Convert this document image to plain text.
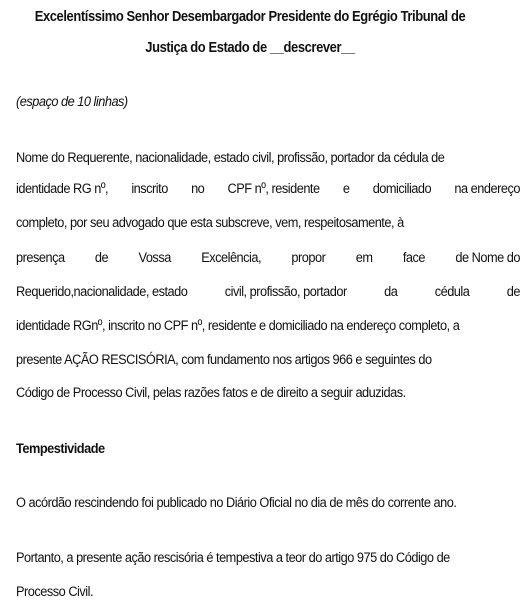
Excelentíssimo Senhor Desembargador Presidente do Egrégio Tribunal de
Justiça do Estado de __descrever__
(espaço de 10 linhas)
Nome do Requerente, nacionalidade, estado civil, profissão, portador da cédula de
identidade RG nº, inscrito no CPF nº, residente e domiciliado na endereço
completo, por seu advogado que esta subscreve, vem, respeitosamente, à
presença de Vossa Excelência, propor em face de Nome do
Requerido,nacionalidade, estado	civil, profissão, portador	da	cédula	de
identidade RGnº, inscrito no CPF nº, residente e domiciliado na endereço completo, a
presente AÇÃO RESCISÓRIA, com fundamento nos artigos 966 e seguintes do
Código de Processo Civil, pelas razões fatos e de direito a seguir aduzidas.
Tempestividade
O acórdão rescindendo foi publicado no Diário Oficial no dia de mês do corrente ano.
Portanto, a presente ação rescisória é tempestiva a teor do artigo 975 do Código de
Processo Civil.
